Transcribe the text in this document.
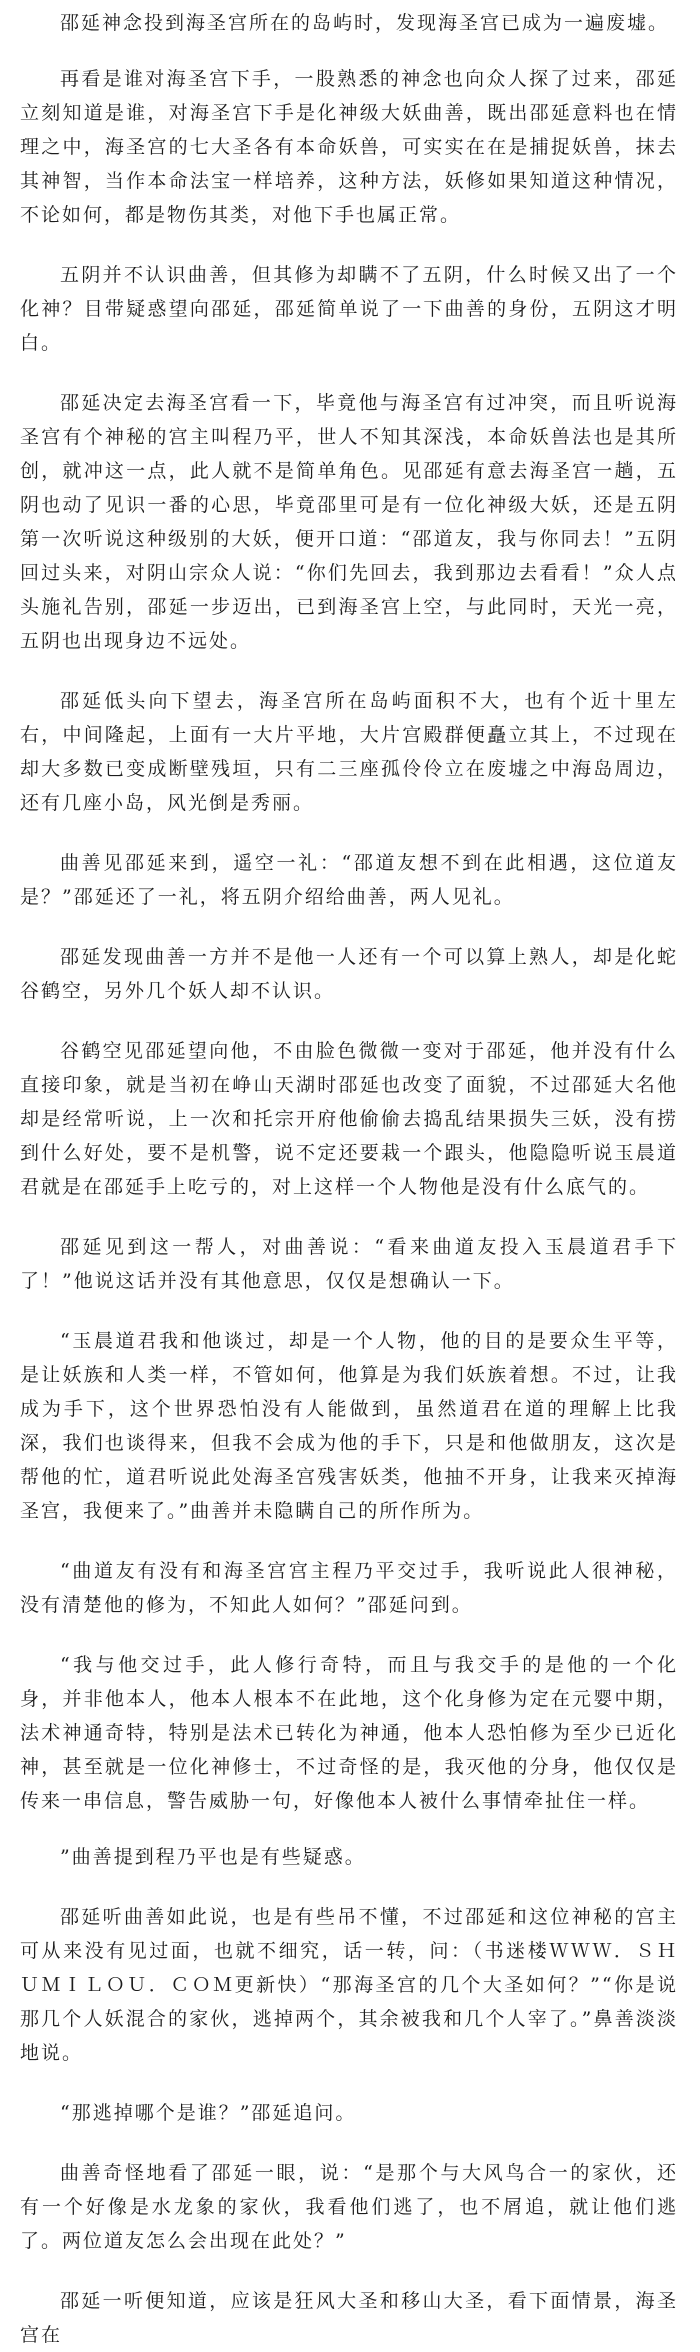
邵延神念投到海圣宫所在的岛屿时，发现海圣宫已成为一遍废墟。

再看是谁对海圣宫下手，一股熟悉的神念也向众人探了过来，邵延立刻知道是谁，对海圣宫下手是化神级大妖曲善，既出邵延意料也在情理之中，海圣宫的七大圣各有本命妖兽，可实实在在是捕捉妖兽，抹去其神智，当作本命法宝一样培养，这种方法，妖修如果知道这种情况，不论如何，都是物伤其类，对他下手也属正常。

五阴并不认识曲善，但其修为却瞒不了五阴，什么时候又出了一个化神？目带疑惑望向邵延，邵延简单说了一下曲善的身份，五阴这才明白。

邵延决定去海圣宫看一下，毕竟他与海圣宫有过冲突，而且听说海圣宫有个神秘的宫主叫程乃平，世人不知其深浅，本命妖兽法也是其所创，就冲这一点，此人就不是简单角色。见邵延有意去海圣宫一趟，五阴也动了见识一番的心思，毕竟邵里可是有一位化神级大妖，还是五阴第一次听说这种级别的大妖，便开口道：“邵道友，我与你同去！”五阴回过头来，对阴山宗众人说：“你们先回去，我到那边去看看！”众人点头施礼告别，邵延一步迈出，已到海圣宫上空，与此同时，天光一亮，五阴也出现身边不远处。

邵延低头向下望去，海圣宫所在岛屿面积不大，也有个近十里左右，中间隆起，上面有一大片平地，大片宫殿群便矗立其上，不过现在却大多数已变成断壁残垣，只有二三座孤伶伶立在废墟之中海岛周边，还有几座小岛，风光倒是秀丽。

曲善见邵延来到，遥空一礼：“邵道友想不到在此相遇，这位道友是？”邵延还了一礼，将五阴介绍给曲善，两人见礼。

邵延发现曲善一方并不是他一人还有一个可以算上熟人，却是化蛇谷鹤空，另外几个妖人却不认识。

谷鹤空见邵延望向他，不由脸色微微一变对于邵延，他并没有什么直接印象，就是当初在峥山天湖时邵延也改变了面貌，不过邵延大名他却是经常听说，上一次和托宗开府他偷偷去捣乱结果损失三妖，没有捞到什么好处，要不是机警，说不定还要栽一个跟头，他隐隐听说玉晨道君就是在邵延手上吃亏的，对上这样一个人物他是没有什么底气的。

邵延见到这一帮人，对曲善说：“看来曲道友投入玉晨道君手下了！”他说这话并没有其他意思，仅仅是想确认一下。

“玉晨道君我和他谈过，却是一个人物，他的目的是要众生平等，是让妖族和人类一样，不管如何，他算是为我们妖族着想。不过，让我成为手下，这个世界恐怕没有人能做到，虽然道君在道的理解上比我深，我们也谈得来，但我不会成为他的手下，只是和他做朋友，这次是帮他的忙，道君听说此处海圣宫残害妖类，他抽不开身，让我来灭掉海圣宫，我便来了。”曲善并未隐瞒自己的所作所为。

“曲道友有没有和海圣宫宫主程乃平交过手，我听说此人很神秘，没有清楚他的修为，不知此人如何？”邵延问到。

“我与他交过手，此人修行奇特，而且与我交手的是他的一个化身，并非他本人，他本人根本不在此地，这个化身修为定在元婴中期，法术神通奇特，特别是法术已转化为神通，他本人恐怕修为至少已近化神，甚至就是一位化神修士，不过奇怪的是，我灭他的分身，他仅仅是传来一串信息，警告威胁一句，好像他本人被什么事情牵扯住一样。

”曲善提到程乃平也是有些疑惑。

邵延听曲善如此说，也是有些吊不懂，不过邵延和这位神秘的宫主可从来没有见过面，也就不细究，话一转，问：（书迷楼ＷＷＷ．ＳＨＵＭＩＬＯＵ．ＣＯＭ更新快）“那海圣宫的几个大圣如何？”“你是说那几个人妖混合的家伙，逃掉两个，其余被我和几个人宰了。”鼻善淡淡地说。

“那逃掉哪个是谁？”邵延追问。

曲善奇怪地看了邵延一眼，说：“是那个与大风鸟合一的家伙，还有一个好像是水龙象的家伙，我看他们逃了，也不屑追，就让他们逃了。两位道友怎么会出现在此处？”

邵延一听便知道，应该是狂风大圣和移山大圣，看下面情景，海圣宫在
